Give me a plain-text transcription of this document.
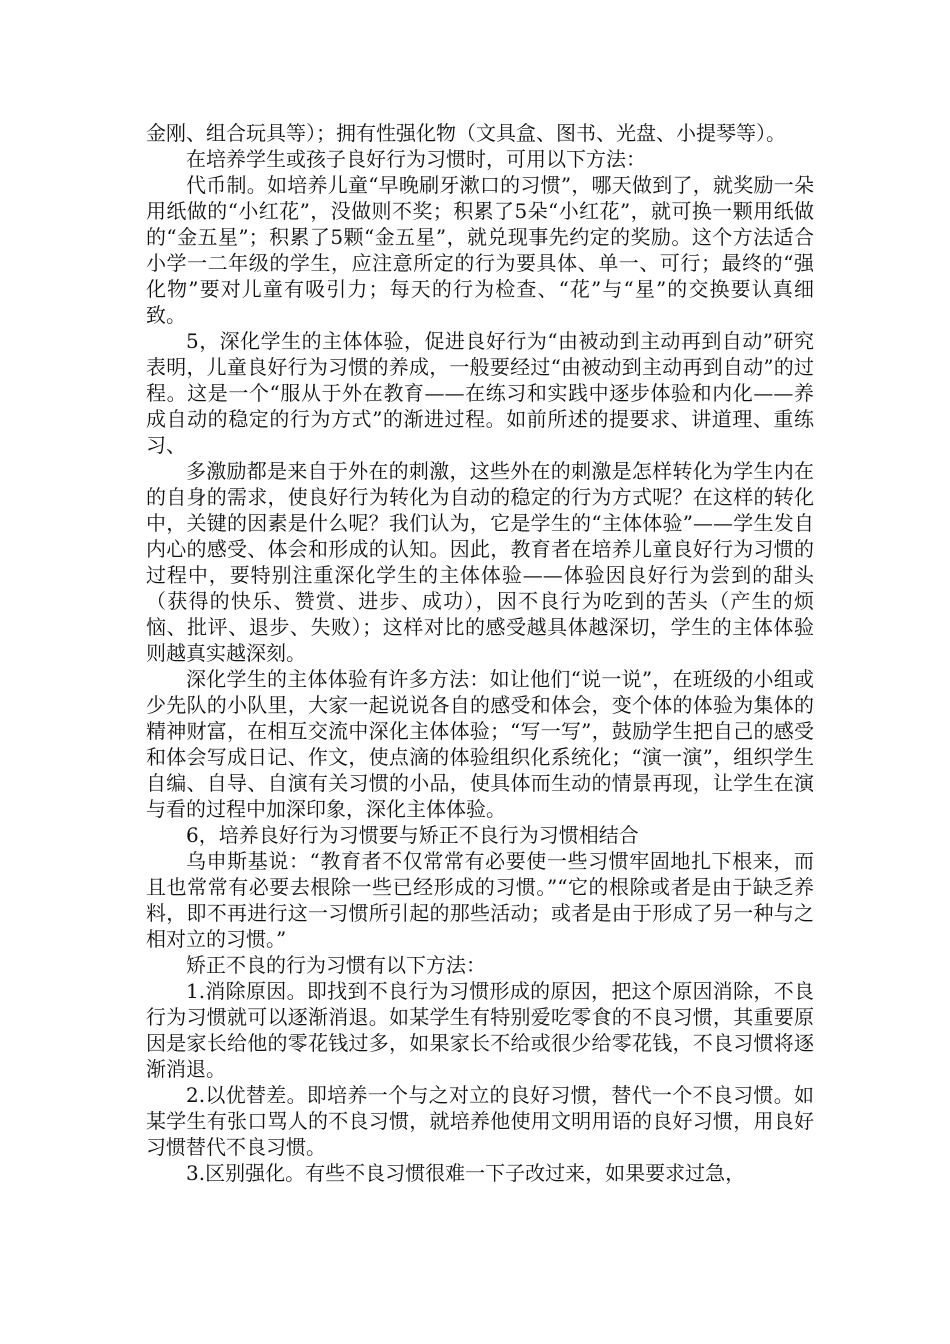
金刚、组合玩具等）；拥有性强化物（文具盒、图书、光盘、小提琴等）。

在培养学生或孩子良好行为习惯时，可用以下方法：

代币制。如培养儿童“早晚刷牙漱口的习惯”，哪天做到了，就奖励一朵用纸做的“小红花”，没做则不奖；积累了5朵“小红花”，就可换一颗用纸做的“金五星”；积累了5颗“金五星”，就兑现事先约定的奖励。这个方法适合小学一二年级的学生，应注意所定的行为要具体、单一、可行；最终的“强化物”要对儿童有吸引力；每天的行为检查、“花”与“星”的交换要认真细致。

5，深化学生的主体体验，促进良好行为“由被动到主动再到自动”研究表明，儿童良好行为习惯的养成，一般要经过“由被动到主动再到自动”的过程。这是一个“服从于外在教育——在练习和实践中逐步体验和内化——养成自动的稳定的行为方式”的渐进过程。如前所述的提要求、讲道理、重练习、

多激励都是来自于外在的刺激，这些外在的刺激是怎样转化为学生内在的自身的需求，使良好行为转化为自动的稳定的行为方式呢？在这样的转化中，关键的因素是什么呢？我们认为，它是学生的“主体体验”——学生发自内心的感受、体会和形成的认知。因此，教育者在培养儿童良好行为习惯的过程中，要特别注重深化学生的主体体验——体验因良好行为尝到的甜头（获得的快乐、赞赏、进步、成功），因不良行为吃到的苦头（产生的烦恼、批评、退步、失败）；这样对比的感受越具体越深切，学生的主体体验则越真实越深刻。

深化学生的主体体验有许多方法：如让他们“说一说”，在班级的小组或少先队的小队里，大家一起说说各自的感受和体会，变个体的体验为集体的精神财富，在相互交流中深化主体体验；“写一写”，鼓励学生把自己的感受和体会写成日记、作文，使点滴的体验组织化系统化；“演一演”，组织学生自编、自导、自演有关习惯的小品，使具体而生动的情景再现，让学生在演与看的过程中加深印象，深化主体体验。

6，培养良好行为习惯要与矫正不良行为习惯相结合

乌申斯基说：“教育者不仅常常有必要使一些习惯牢固地扎下根来，而且也常常有必要去根除一些已经形成的习惯。”“它的根除或者是由于缺乏养料，即不再进行这一习惯所引起的那些活动；或者是由于形成了另一种与之相对立的习惯。”

矫正不良的行为习惯有以下方法：

1.消除原因。即找到不良行为习惯形成的原因，把这个原因消除，不良行为习惯就可以逐渐消退。如某学生有特别爱吃零食的不良习惯，其重要原因是家长给他的零花钱过多，如果家长不给或很少给零花钱，不良习惯将逐渐消退。

2.以优替差。即培养一个与之对立的良好习惯，替代一个不良习惯。如某学生有张口骂人的不良习惯，就培养他使用文明用语的良好习惯，用良好习惯替代不良习惯。

3.区别强化。有些不良习惯很难一下子改过来，如果要求过急，
